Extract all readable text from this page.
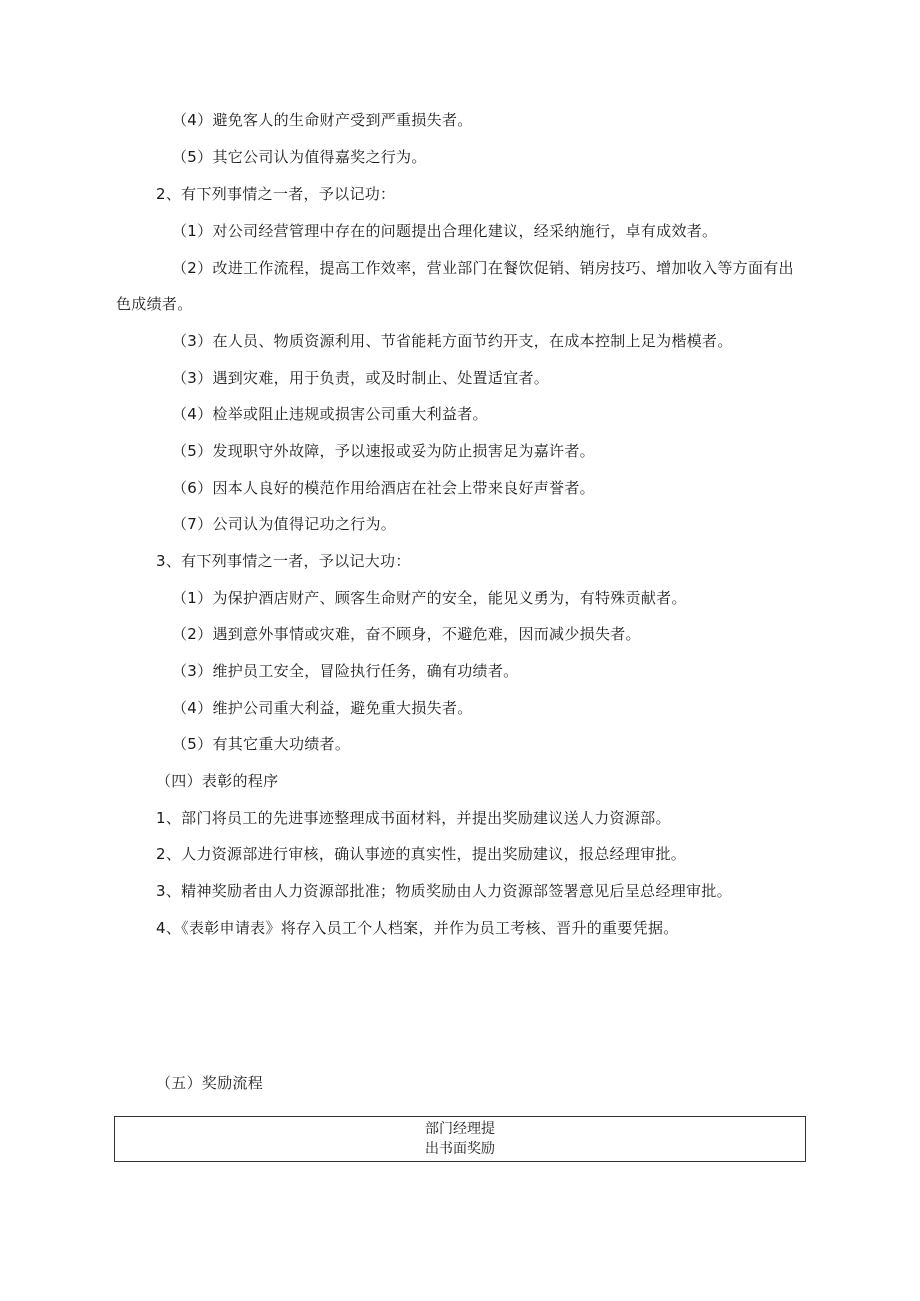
（4）避免客人的生命财产受到严重损失者。
（5）其它公司认为值得嘉奖之行为。
2、有下列事情之一者，予以记功：
（1）对公司经营管理中存在的问题提出合理化建议，经采纳施行，卓有成效者。
（2）改进工作流程，提高工作效率，营业部门在餐饮促销、销房技巧、增加收入等方面有出
色成绩者。
（3）在人员、物质资源利用、节省能耗方面节约开支，在成本控制上足为楷模者。
（3）遇到灾难，用于负责，或及时制止、处置适宜者。
（4）检举或阻止违规或损害公司重大利益者。
（5）发现职守外故障，予以速报或妥为防止损害足为嘉许者。
（6）因本人良好的模范作用给酒店在社会上带来良好声誉者。
（7）公司认为值得记功之行为。
3、有下列事情之一者，予以记大功：
（1）为保护酒店财产、顾客生命财产的安全，能见义勇为，有特殊贡献者。
（2）遇到意外事情或灾难，奋不顾身，不避危难，因而减少损失者。
（3）维护员工安全，冒险执行任务，确有功绩者。
（4）维护公司重大利益，避免重大损失者。
（5）有其它重大功绩者。
（四）表彰的程序
1、部门将员工的先进事迹整理成书面材料，并提出奖励建议送人力资源部。
2、人力资源部进行审核，确认事迹的真实性，提出奖励建议，报总经理审批。
3、精神奖励者由人力资源部批准；物质奖励由人力资源部签署意见后呈总经理审批。
4、《表彰申请表》将存入员工个人档案，并作为员工考核、晋升的重要凭据。
（五）奖励流程
部门经理提
出书面奖励
